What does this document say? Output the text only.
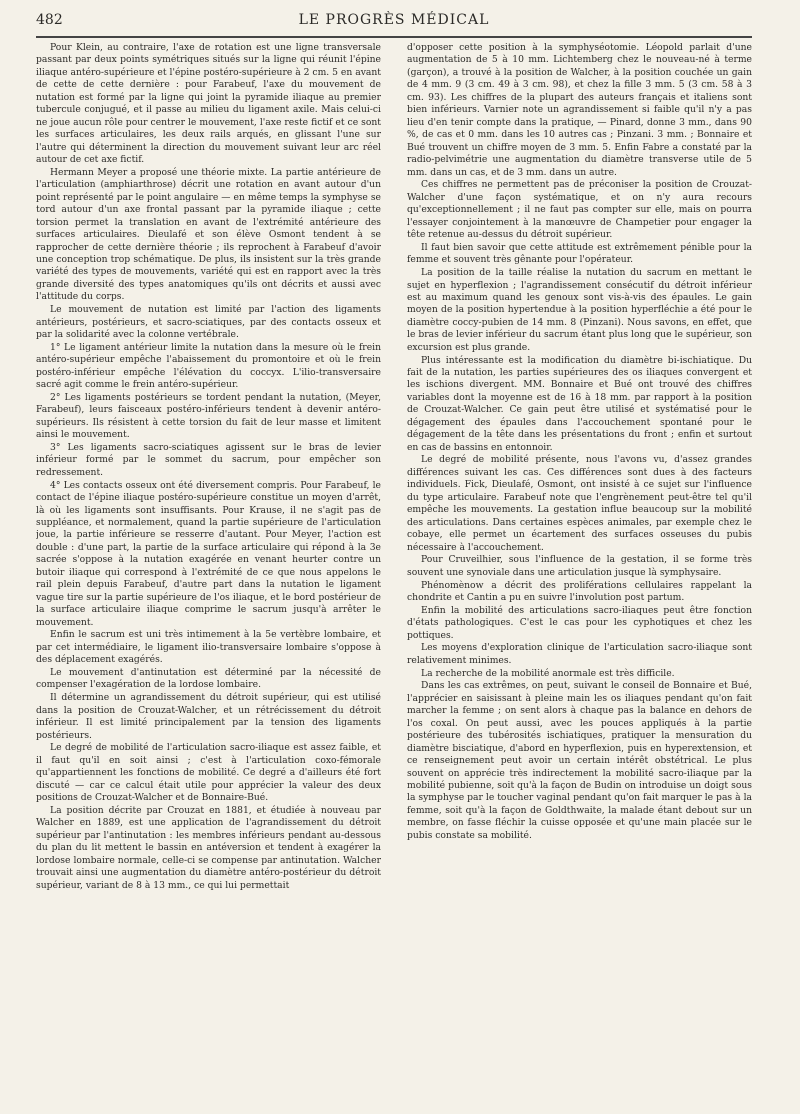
482	LE PROGRÈS MÉDICAL

Pour Klein, au contraire, l'axe de rotation est une ligne transversale passant par deux points symétriques situés sur la ligne qui réunit l'épine iliaque antéro-supérieure et l'épine postéro-supérieure à 2 cm. 5 en avant de cette de cette dernière : pour Farabeuf, l'axe du mouvement de nutation est formé par la ligne qui joint la pyramide iliaque au premier tubercule conjugué, et il passe au milieu du ligament axile. Mais celui-ci ne joue aucun rôle pour centrer le mouvement, l'axe reste fictif et ce sont les surfaces articulaires, les deux rails arqués, en glissant l'une sur l'autre qui déterminent la direction du mouvement suivant leur arc réel autour de cet axe fictif.

Hermann Meyer a proposé une théorie mixte. La partie antérieure de l'articulation (amphiarthrose) décrit une rotation en avant autour d'un point représenté par le point angulaire — en même temps la symphyse se tord autour d'un axe frontal passant par la pyramide iliaque ; cette torsion permet la translation en avant de l'extrémité antérieure des surfaces articulaires. Dieulafé et son élève Osmont tendent à se rapprocher de cette dernière théorie ; ils reprochent à Farabeuf d'avoir une conception trop schématique. De plus, ils insistent sur la très grande variété des types de mouvements, variété qui est en rapport avec la très grande diversité des types anatomiques qu'ils ont décrits et aussi avec l'attitude du corps.

Le mouvement de nutation est limité par l'action des ligaments antérieurs, postérieurs, et sacro-sciatiques, par des contacts osseux et par la solidarité avec la colonne vertébrale.

1° Le ligament antérieur limite la nutation dans la mesure où le frein antéro-supérieur empêche l'abaissement du promontoire et où le frein postéro-inférieur empêche l'élévation du coccyx. L'ilio-transversaire sacré agit comme le frein antéro-supérieur.

2° Les ligaments postérieurs se tordent pendant la nutation, (Meyer, Farabeuf), leurs faisceaux postéro-inférieurs tendent à devenir antéro-supérieurs. Ils résistent à cette torsion du fait de leur masse et limitent ainsi le mouvement.

3° Les ligaments sacro-sciatiques agissent sur le bras de levier inférieur formé par le sommet du sacrum, pour empêcher son redressement.

4° Les contacts osseux ont été diversement compris. Pour Farabeuf, le contact de l'épine iliaque postéro-supérieure constitue un moyen d'arrêt, là où les ligaments sont insuffisants. Pour Krause, il ne s'agit pas de suppléance, et normalement, quand la partie supérieure de l'articulation joue, la partie inférieure se resserre d'autant. Pour Meyer, l'action est double : d'une part, la partie de la surface articulaire qui répond à la 3e sacrée s'oppose à la nutation exagérée en venant heurter contre un butoir iliaque qui correspond à l'extrémité de ce que nous appelons le rail plein depuis Farabeuf, d'autre part dans la nutation le ligament vague tire sur la partie supérieure de l'os iliaque, et le bord postérieur de la surface articulaire iliaque comprime le sacrum jusqu'à arrêter le mouvement.

Enfin le sacrum est uni très intimement à la 5e vertèbre lombaire, et par cet intermédiaire, le ligament ilio-transversaire lombaire s'oppose à des déplacement exagérés.

Le mouvement d'antinutation est déterminé par la nécessité de compenser l'exagération de la lordose lombaire.

Il détermine un agrandissement du détroit supérieur, qui est utilisé dans la position de Crouzat-Walcher, et un rétrécissement du détroit inférieur. Il est limité principalement par la tension des ligaments postérieurs.

Le degré de mobilité de l'articulation sacro-iliaque est assez faible, et il faut qu'il en soit ainsi ; c'est à l'articulation coxo-fémorale qu'appartiennent les fonctions de mobilité. Ce degré a d'ailleurs été fort discuté — car ce calcul était utile pour apprécier la valeur des deux positions de Crouzat-Walcher et de Bonnaire-Bué.

La position décrite par Crouzat en 1881, et étudiée à nouveau par Walcher en 1889, est une application de l'agrandissement du détroit supérieur par l'antinutation : les membres inférieurs pendant au-dessous du plan du lit mettent le bassin en antéversion et tendent à exagérer la lordose lombaire normale, celle-ci se compense par antinutation. Walcher trouvait ainsi une augmentation du diamètre antéro-postérieur du détroit supérieur, variant de 8 à 13 mm., ce qui lui permettait

d'opposer cette position à la symphyséotomie. Léopold parlait d'une augmentation de 5 à 10 mm. Lichtemberg chez le nouveau-né à terme (garçon), a trouvé à la position de Walcher, à la position couchée un gain de 4 mm. 9 (3 cm. 49 à 3 cm. 98), et chez la fille 3 mm. 5 (3 cm. 58 à 3 cm. 93). Les chiffres de la plupart des auteurs français et italiens sont bien inférieurs. Varnier note un agrandissement si faible qu'il n'y a pas lieu d'en tenir compte dans la pratique, — Pinard, donne 3 mm., dans 90 %, de cas et 0 mm. dans les 10 autres cas ; Pinzani. 3 mm. ; Bonnaire et Bué trouvent un chiffre moyen de 3 mm. 5. Enfin Fabre a constaté par la radio-pelvimétrie une augmentation du diamètre transverse utile de 5 mm. dans un cas, et de 3 mm. dans un autre.

Ces chiffres ne permettent pas de préconiser la position de Crouzat-Walcher d'une façon systématique, et on n'y aura recours qu'exceptionnellement ; il ne faut pas compter sur elle, mais on pourra l'essayer conjointement à la manœuvre de Champetier pour engager la tête retenue au-dessus du détroit supérieur.

Il faut bien savoir que cette attitude est extrêmement pénible pour la femme et souvent très gênante pour l'opérateur.

La position de la taille réalise la nutation du sacrum en mettant le sujet en hyperflexion ; l'agrandissement consécutif du détroit inférieur est au maximum quand les genoux sont vis-à-vis des épaules. Le gain moyen de la position hypertendue à la position hyperfléchie a été pour le diamètre coccy-pubien de 14 mm. 8 (Pinzani). Nous savons, en effet, que le bras de levier inférieur du sacrum étant plus long que le supérieur, son excursion est plus grande.

Plus intéressante est la modification du diamètre bi-ischiatique. Du fait de la nutation, les parties supérieures des os iliaques convergent et les ischions divergent. MM. Bonnaire et Bué ont trouvé des chiffres variables dont la moyenne est de 16 à 18 mm. par rapport à la position de Crouzat-Walcher. Ce gain peut être utilisé et systématisé pour le dégagement des épaules dans l'accouchement spontané pour le dégagement de la tête dans les présentations du front ; enfin et surtout en cas de bassins en entonnoir.

Le degré de mobilité présente, nous l'avons vu, d'assez grandes différences suivant les cas. Ces différences sont dues à des facteurs individuels. Fick, Dieulafé, Osmont, ont insisté à ce sujet sur l'influence du type articulaire. Farabeuf note que l'engrènement peut-être tel qu'il empêche les mouvements. La gestation influe beaucoup sur la mobilité des articulations. Dans certaines espèces animales, par exemple chez le cobaye, elle permet un écartement des surfaces osseuses du pubis nécessaire à l'accouchement.

Pour Cruveilhier, sous l'influence de la gestation, il se forme très souvent une synoviale dans une articulation jusque là symphysaire.

Phénomènow a décrit des proliférations cellulaires rappelant la chondrite et Cantin a pu en suivre l'involution post partum.

Enfin la mobilité des articulations sacro-iliaques peut être fonction d'états pathologiques. C'est le cas pour les cyphotiques et chez les pottiques.

Les moyens d'exploration clinique de l'articulation sacro-iliaque sont relativement minimes.

La recherche de la mobilité anormale est très difficile.

Dans les cas extrêmes, on peut, suivant le conseil de Bonnaire et Bué, l'apprécier en saisissant à pleine main les os iliaques pendant qu'on fait marcher la femme ; on sent alors à chaque pas la balance en dehors de l'os coxal. On peut aussi, avec les pouces appliqués à la partie postérieure des tubérosités ischiatiques, pratiquer la mensuration du diamètre bisciatique, d'abord en hyperflexion, puis en hyperextension, et ce renseignement peut avoir un certain intérêt obstétrical. Le plus souvent on apprécie très indirectement la mobilité sacro-iliaque par la mobilité pubienne, soit qu'à la façon de Budin on introduise un doigt sous la symphyse par le toucher vaginal pendant qu'on fait marquer le pas à la femme, soit qu'à la façon de Goldthwaite, la malade étant debout sur un membre, on fasse fléchir la cuisse opposée et qu'une main placée sur le pubis constate sa mobilité.
